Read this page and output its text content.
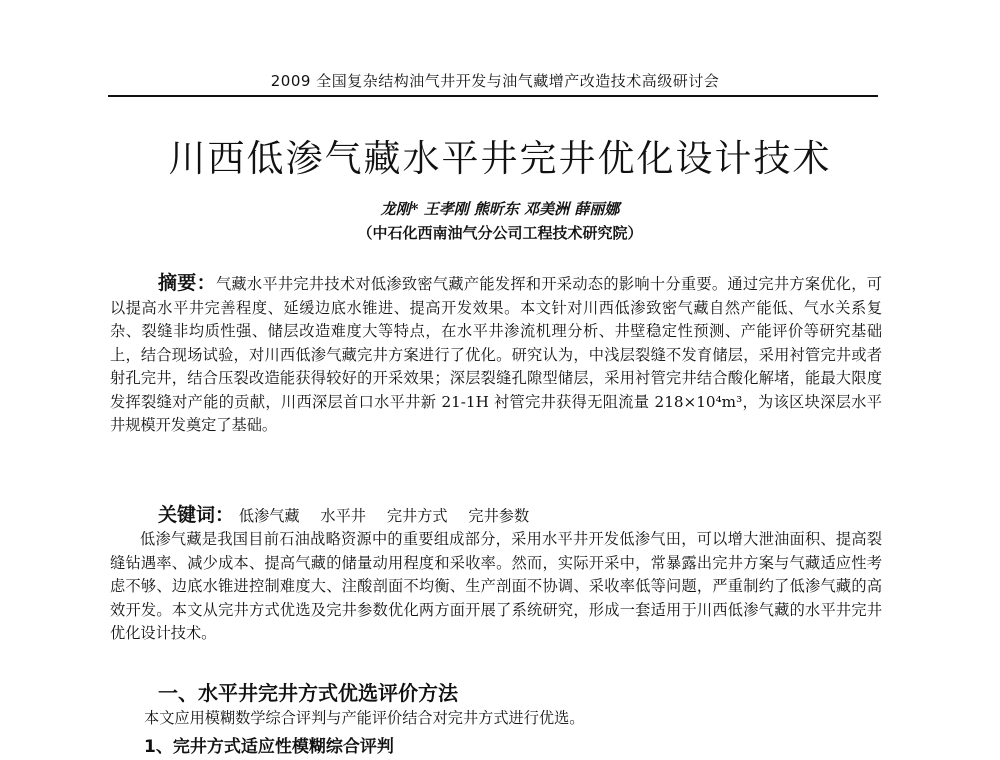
2009 全国复杂结构油气井开发与油气藏增产改造技术高级研讨会
川西低渗气藏水平井完井优化设计技术
龙刚* 王孝刚 熊昕东 邓美洲 薛丽娜
（中石化西南油气分公司工程技术研究院）

摘要：气藏水平井完井技术对低渗致密气藏产能发挥和开采动态的影响十分重要。通过完井方案优化，可以提高水平井完善程度、延缓边底水锥进、提高开发效果。本文针对川西低渗致密气藏自然产能低、气水关系复杂、裂缝非均质性强、储层改造难度大等特点，在水平井渗流机理分析、井壁稳定性预测、产能评价等研究基础上，结合现场试验，对川西低渗气藏完井方案进行了优化。研究认为，中浅层裂缝不发育储层，采用衬管完井或者射孔完井，结合压裂改造能获得较好的开采效果；深层裂缝孔隙型储层，采用衬管完井结合酸化解堵，能最大限度发挥裂缝对产能的贡献，川西深层首口水平井新 21-1H 衬管完井获得无阻流量 218×10⁴m³，为该区块深层水平井规模开发奠定了基础。

关键词： 低渗气藏 水平井 完井方式 完井参数

低渗气藏是我国目前石油战略资源中的重要组成部分，采用水平井开发低渗气田，可以增大泄油面积、提高裂缝钻遇率、减少成本、提高气藏的储量动用程度和采收率。然而，实际开采中，常暴露出完井方案与气藏适应性考虑不够、边底水锥进控制难度大、注酸剖面不均衡、生产剖面不协调、采收率低等问题，严重制约了低渗气藏的高效开发。本文从完井方式优选及完井参数优化两方面开展了系统研究，形成一套适用于川西低渗气藏的水平井完井优化设计技术。

一、水平井完井方式优选评价方法
本文应用模糊数学综合评判与产能评价结合对完井方式进行优选。
1、完井方式适应性模糊综合评判
